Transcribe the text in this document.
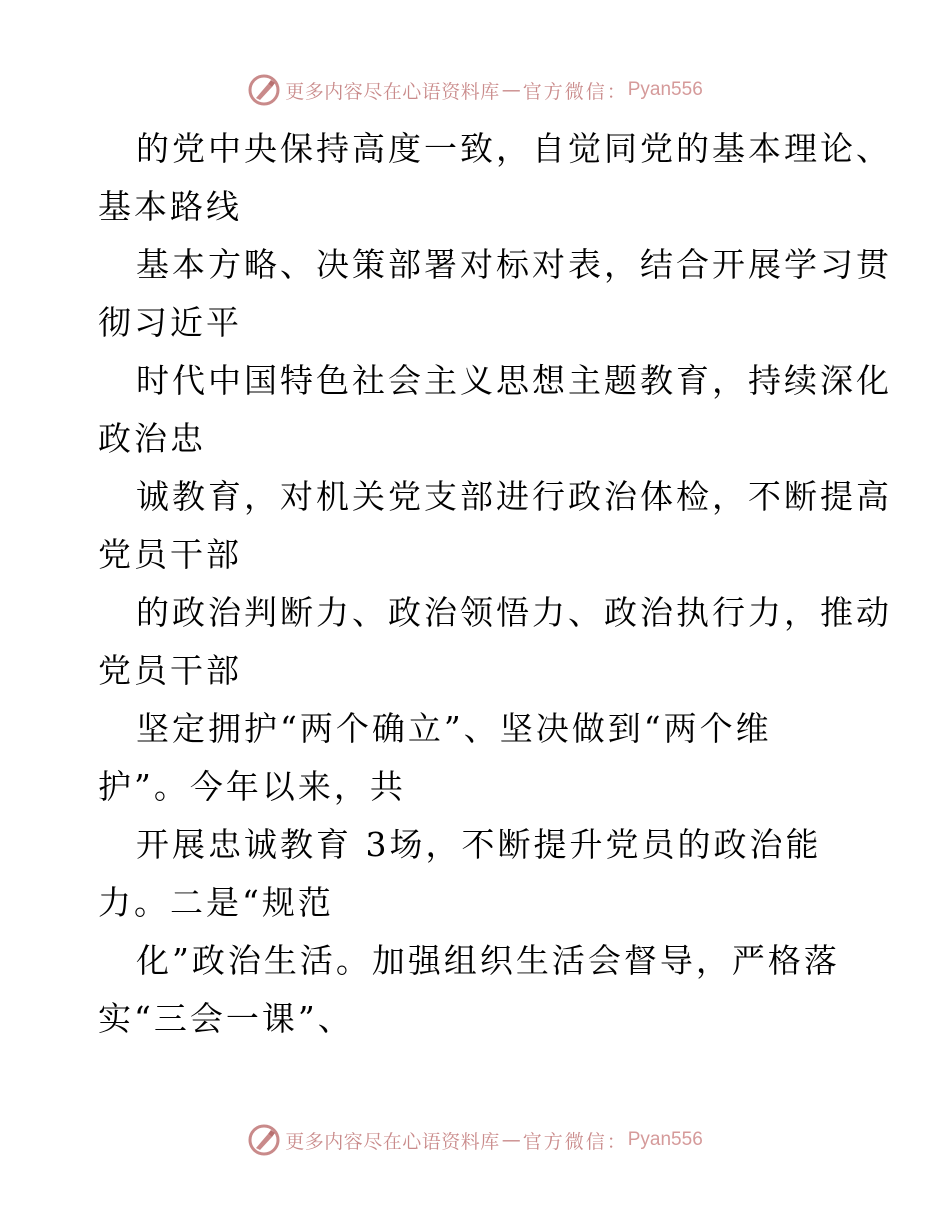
更多内容尽在心语资料库 — 官方微信： Pyan556
的党中央保持高度一致，自觉同党的基本理论、
基本路线
基本方略、决策部署对标对表，结合开展学习贯
彻习近平
时代中国特色社会主义思想主题教育，持续深化
政治忠
诚教育，对机关党支部进行政治体检，不断提高
党员干部
的政治判断力、政治领悟力、政治执行力，推动
党员干部
坚定拥护“两个确立”、坚决做到“两个维
护”。今年以来，共
开展忠诚教育 3场，不断提升党员的政治能
力。二是“规范
化”政治生活。加强组织生活会督导，严格落
实“三会一课”、
更多内容尽在心语资料库 — 官方微信： Pyan556
